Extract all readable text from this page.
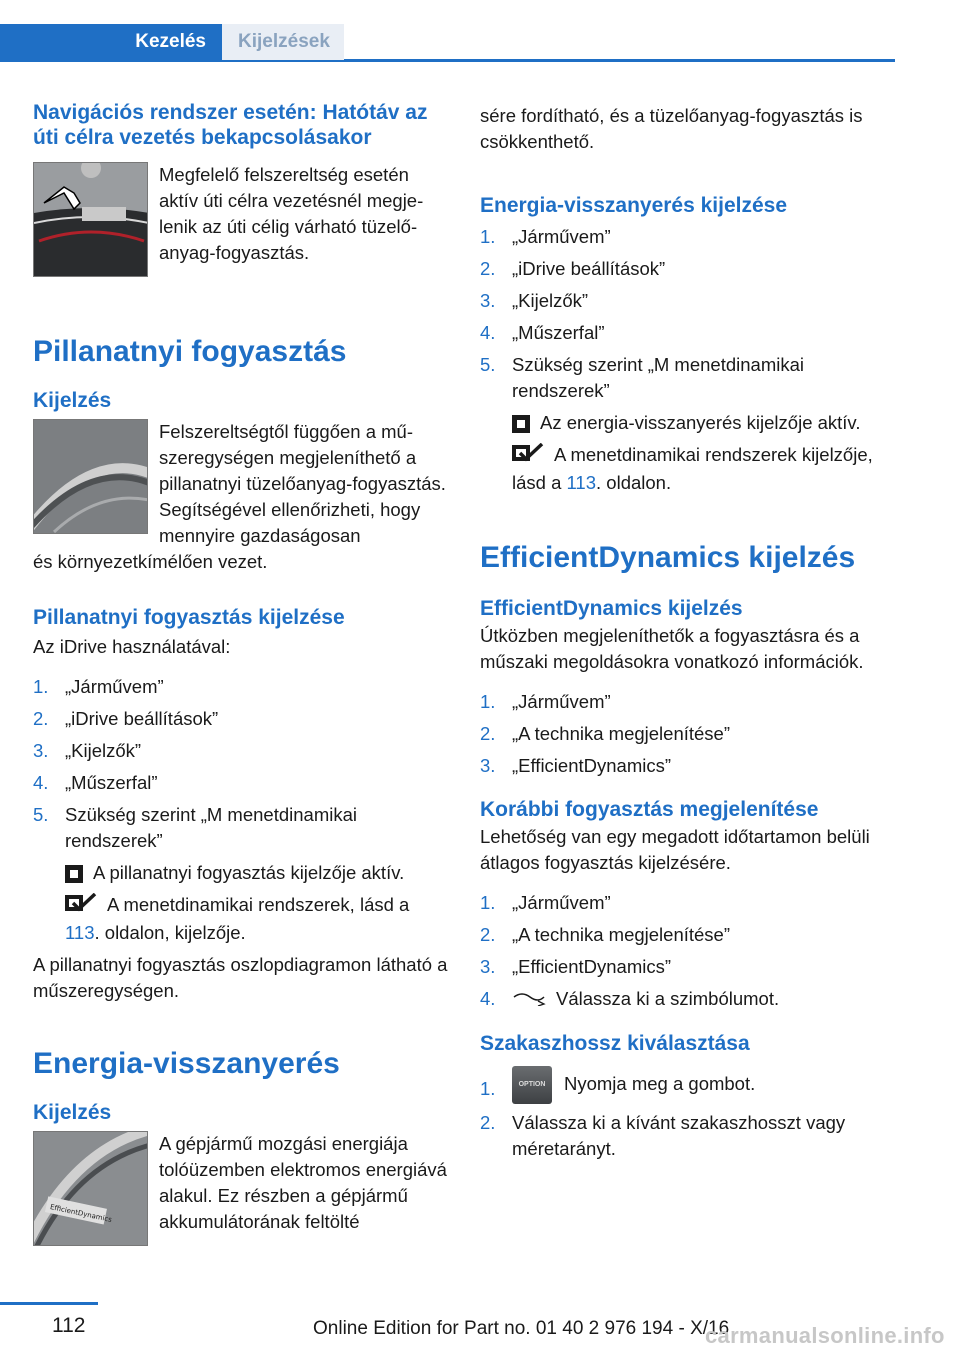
Kezelés	Kijelzések
Navigációs rendszer esetén: Hatótáv az úti célra vezetés bekapcsolásakor

Megfelelő felszereltség esetén aktív úti célra vezetésnél megjelenik az úti célig várható tüzelőanyag-fogyasztás.

Pillanatnyi fogyasztás
Kijelzés

Felszereltségtől függően a műszeregységen megjeleníthető a pillanatnyi tüzelőanyag-fogyasztás. Segítségével ellenőrizheti, hogy mennyire gazdaságosan

és környezetkímélően vezet.

Pillanatnyi fogyasztás kijelzése

Az iDrive használatával:

1. „Járművem”
2. „iDrive beállítások”
3. „Kijelzők”
4. „Műszerfal”
5. Szükség szerint „M menetdinamikai rendszerek”

A pillanatnyi fogyasztás kijelzője aktív.

A menetdinamikai rendszerek, lásd a 113. oldalon, kijelzője.

A pillanatnyi fogyasztás oszlopdiagramon látható a műszeregységen.

Energia-visszanyerés
Kijelzés
EfficientDynamics

A gépjármű mozgási energiája tolóüzemben elektromos energiává alakul. Ez részben a gépjármű akkumulátorának feltölté

sére fordítható, és a tüzelőanyag-fogyasztás is csökkenthető.

Energia-visszanyerés kijelzése
1. „Járművem”
2. „iDrive beállítások”
3. „Kijelzők”
4. „Műszerfal”
5. Szükség szerint „M menetdinamikai rendszerek”

Az energia-visszanyerés kijelzője aktív.

A menetdinamikai rendszerek kijelzője, lásd a 113. oldalon.

EfficientDynamics kijelzés
EfficientDynamics kijelzés

Útközben megjeleníthetők a fogyasztásra és a műszaki megoldásokra vonatkozó információk.

1. „Járművem”
2. „A technika megjelenítése”
3. „EfficientDynamics”
Korábbi fogyasztás megjelenítése

Lehetőség van egy megadott időtartamon belüli átlagos fogyasztás kijelzésére.

1. „Járművem”
2. „A technika megjelenítése”
3. „EfficientDynamics”
4.	Válassza ki a szimbólumot.
Szakaszhossz kiválasztása
1.	OPTION Nyomja meg a gombot.
2. Válassza ki a kívánt szakaszhosszt vagy méretarányt.
112	Online Edition for Part no. 01 40 2 976 194 - X/16
carmanualsonline.info
